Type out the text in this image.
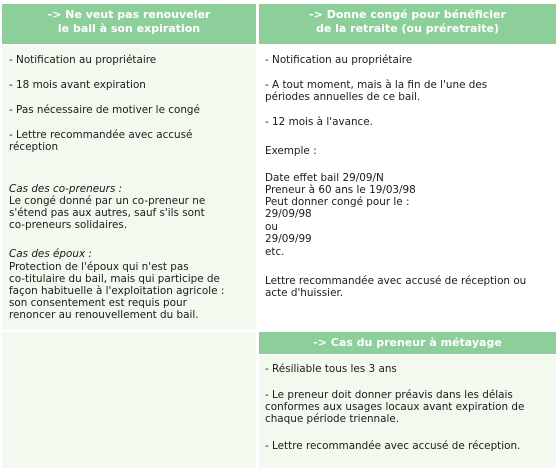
-> Ne veut pas renouveler
le bail à son expiration
-> Donne congé pour bénéficier
de la retraite (ou préretraite)
-> Cas du preneur à métayage
- Notification au propriétaire
- 18 mois avant expiration
- Pas nécessaire de motiver le congé
- Lettre recommandée avec accusé
réception
Cas des co-preneurs :
Le congé donné par un co-preneur ne
s'étend pas aux autres, sauf s'ils sont
co-preneurs solidaires.
Cas des époux :
Protection de l'époux qui n'est pas
co-titulaire du bail, mais qui participe de
façon habituelle à l'exploitation agricole :
son consentement est requis pour
renoncer au renouvellement du bail.
- Notification au propriétaire
- A tout moment, mais à la fin de l'une des
périodes annuelles de ce bail.
- 12 mois à l'avance.
Exemple :
Date effet bail 29/09/N
Preneur à 60 ans le 19/03/98
Peut donner congé pour le :
29/09/98
ou
29/09/99
etc.
Lettre recommandée avec accusé de réception ou
acte d'huissier.
- Résiliable tous les 3 ans
- Le preneur doit donner préavis dans les délais
conformes aux usages locaux avant expiration de
chaque période triennale.
- Lettre recommandée avec accusé de réception.
